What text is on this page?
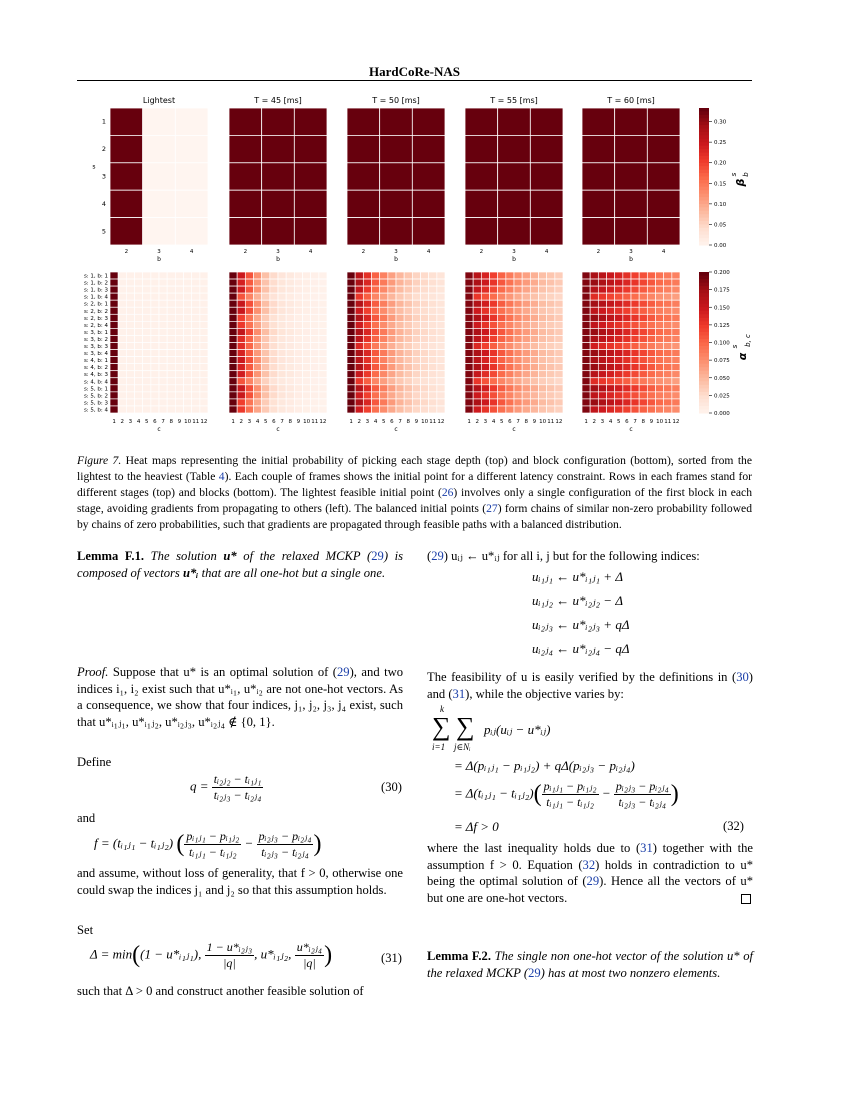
HardCoRe-NAS
Lightest
2	3	4
b
1
2
3
4
5
s
T = 45 [ms]
2	3	4
b
T = 50 [ms]
2	3	4
b
T = 55 [ms]
2	3	4
b
T = 60 [ms]
2	3	4
b
0.00
0.05
0.10
0.15
0.20
0.25
0.30
β
s b
1 2 3 4 5 6 7 8 9 10 11 12
c
s: 1, b: 1
s: 1, b: 2
s: 1, b: 3
s: 1, b: 4
s: 2, b: 1
s: 2, b: 2
s: 2, b: 3
s: 2, b: 4
s: 3, b: 1
s: 3, b: 2
s: 3, b: 3
s: 3, b: 4
s: 4, b: 1
s: 4, b: 2
s: 4, b: 3
s: 4, b: 4
s: 5, b: 1
s: 5, b: 2
s: 5, b: 3
s: 5, b: 4
1 2 3 4 5 6 7 8 9 10 11 12
c
1 2 3 4 5 6 7 8 9 10 11 12
c
1 2 3 4 5 6 7 8 9 10 11 12
c
1 2 3 4 5 6 7 8 9 10 11 12
c
0.000
0.025
0.050
0.075
0.100
0.125
0.150
0.175
0.200
α
s b, c
Figure 7. Heat maps representing the initial probability of picking each stage depth (top) and block configuration (bottom), sorted from the lightest to the heaviest (Table 4). Each couple of frames shows the initial point for a different latency constraint. Rows in each frames stand for different stages (top) and blocks (bottom). The lightest feasible initial point (26) involves only a single configuration of the first block in each stage, avoiding gradients from propagating to others (left). The balanced initial points (27) form chains of similar non-zero probability followed by chains of zero probabilities, such that gradients are propagated through feasible paths with a balanced distribution.
Lemma F.1. The solution u* of the relaxed MCKP (29) is composed of vectors u*ᵢ that are all one-hot but a single one.
Proof. Suppose that u* is an optimal solution of (29), and two indices i₁, i₂ exist such that u*ᵢ₁, u*ᵢ₂ are not one-hot vectors. As a consequence, we show that four indices, j₁, j₂, j₃, j₄ exist, such that u*ᵢ₁ⱼ₁, u*ᵢ₁ⱼ₂, u*ᵢ₂ⱼ₃, u*ᵢ₂ⱼ₄ ∉ {0, 1}.
Define
$q = \frac{\text{tᵢ₂ⱼ₂ − tᵢ₁ⱼ₁}}{\text{tᵢ₂ⱼ₃ − tᵢ₂ⱼ₄}}$	(30)
and
f = (tᵢ₁ⱼ₁ − tᵢ₁ⱼ₂) ( $\frac{\text{pᵢ₁ⱼ₁ − pᵢ₁ⱼ₂}}{\text{tᵢ₁ⱼ₁ − tᵢ₁ⱼ₂}} - \frac{\text{pᵢ₂ⱼ₃ − pᵢ₂ⱼ₄}}{\text{tᵢ₂ⱼ₃ − tᵢ₂ⱼ₄}}$ )
and assume, without loss of generality, that f > 0, otherwise one could swap the indices j₁ and j₂ so that this assumption holds.
Set
Δ = min((1 − u*ᵢ₁ⱼ₁), $\frac{\text{1 − u*ᵢ₂ⱼ₃}}{|q|}$ , u*ᵢ₁ⱼ₂, $\frac{\text{u*ᵢ₂ⱼ₄}}{|q|}$ )	(31)
such that Δ > 0 and construct another feasible solution of
(29) uᵢⱼ ← u*ᵢⱼ for all i, j but for the following indices:
uᵢ₁ⱼ₁ ← u*ᵢ₁ⱼ₁ + Δ
uᵢ₁ⱼ₂ ← u*ᵢ₂ⱼ₂ − Δ
uᵢ₂ⱼ₃ ← u*ᵢ₂ⱼ₃ + qΔ
uᵢ₂ⱼ₄ ← u*ᵢ₂ⱼ₄ − qΔ
The feasibility of u is easily verified by the definitions in (30) and (31), while the objective varies by:
k
∑ ∑
i=1 j∈Nᵢ
pᵢⱼ(uᵢⱼ − u*ᵢⱼ)
= Δ(pᵢ₁ⱼ₁ − pᵢ₁ⱼ₂) + qΔ(pᵢ₂ⱼ₃ − pᵢ₂ⱼ₄)
= Δ(tᵢ₁ⱼ₁ − tᵢ₁ⱼ₂)( $\frac{\text{pᵢ₁ⱼ₁ − pᵢ₁ⱼ₂}}{\text{tᵢ₁ⱼ₁ − tᵢ₁ⱼ₂}} - \frac{\text{pᵢ₂ⱼ₃ − pᵢ₂ⱼ₄}}{\text{tᵢ₂ⱼ₃ − tᵢ₂ⱼ₄}}$ )
= Δf > 0	(32)
where the last inequality holds due to (31) together with the assumption f > 0. Equation (32) holds in contradiction to u* being the optimal solution of (29). Hence all the vectors of u* but one are one-hot vectors.
Lemma F.2. The single non one-hot vector of the solution u* of the relaxed MCKP (29) has at most two nonzero elements.
